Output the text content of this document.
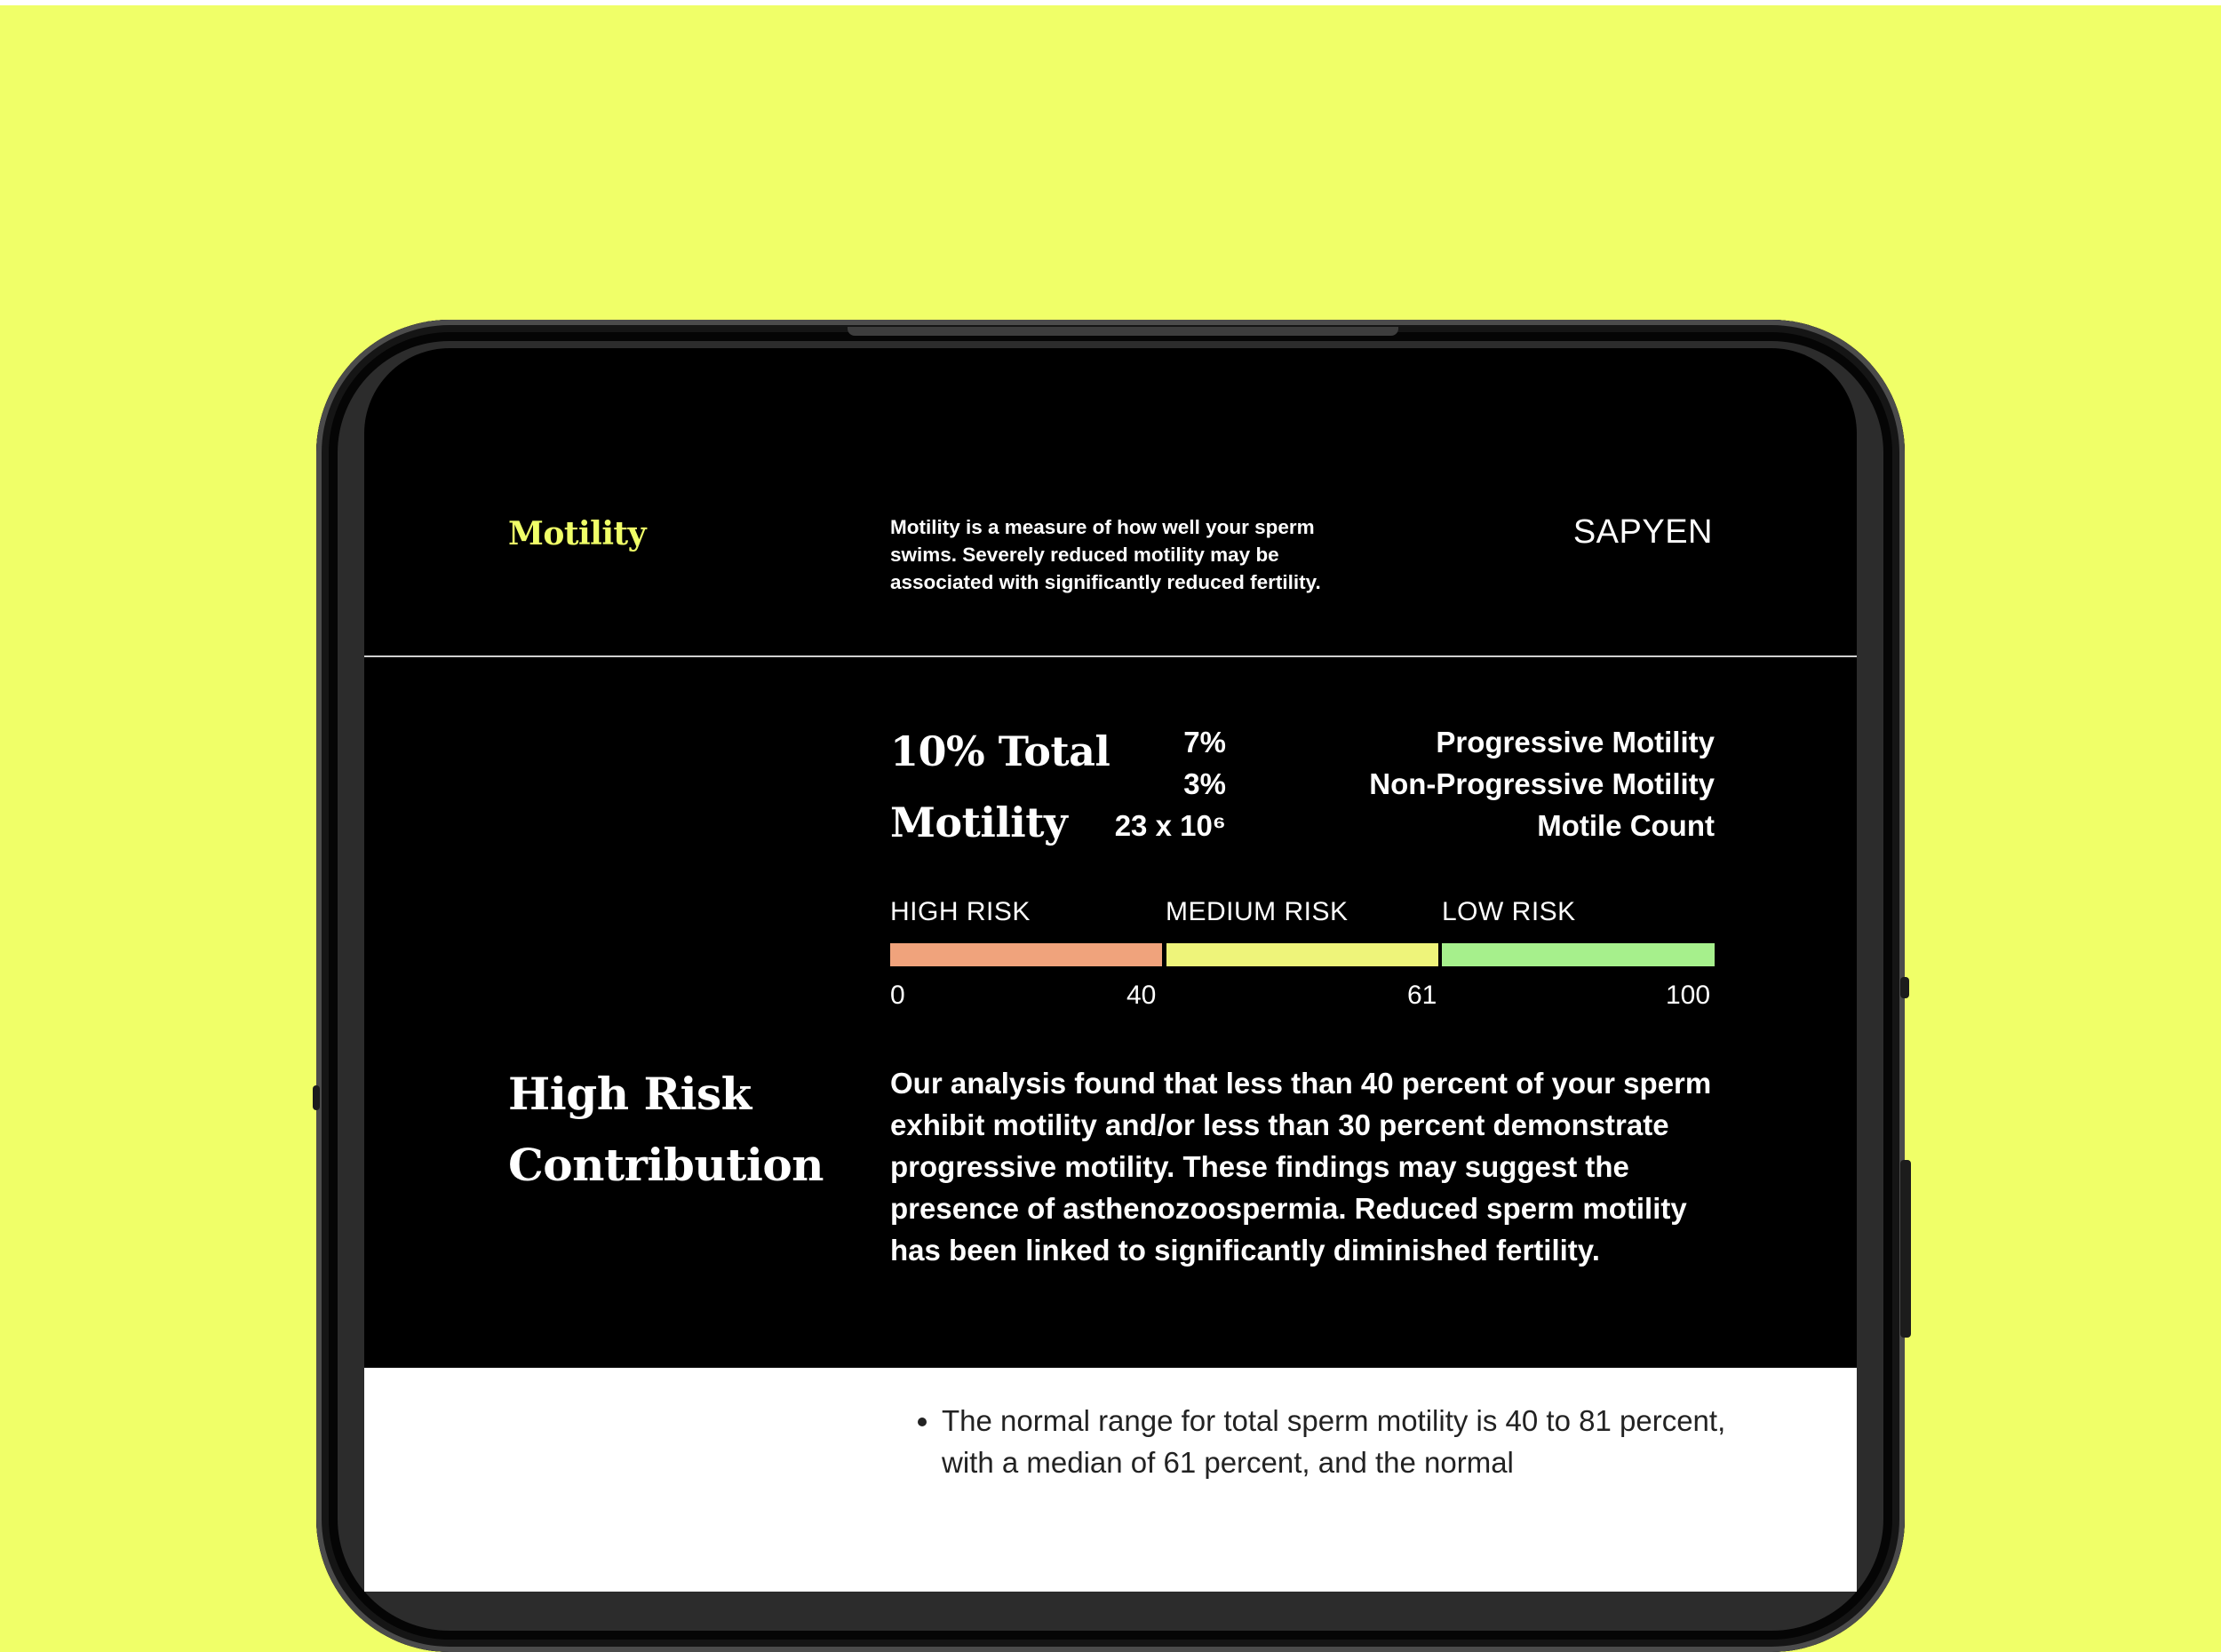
Motility	Motility is a measure of how well your sperm swims. Severely reduced motility may be associated with significantly reduced fertility.
SAPYEN
10% Total Motility
7%	Progressive Motility
3%	Non-Progressive Motility
23 x 10⁶	Motile Count
HIGH RISK	MEDIUM RISK	LOW RISK
0	40	61	100
High Risk Contribution
Our analysis found that less than 40 percent of your sperm exhibit motility and/or less than 30 percent demonstrate progressive motility. These findings may suggest the presence of asthenozoospermia. Reduced sperm motility has been linked to significantly diminished fertility.
• The normal range for total sperm motility is 40 to 81 percent, with a median of 61 percent, and the normal
